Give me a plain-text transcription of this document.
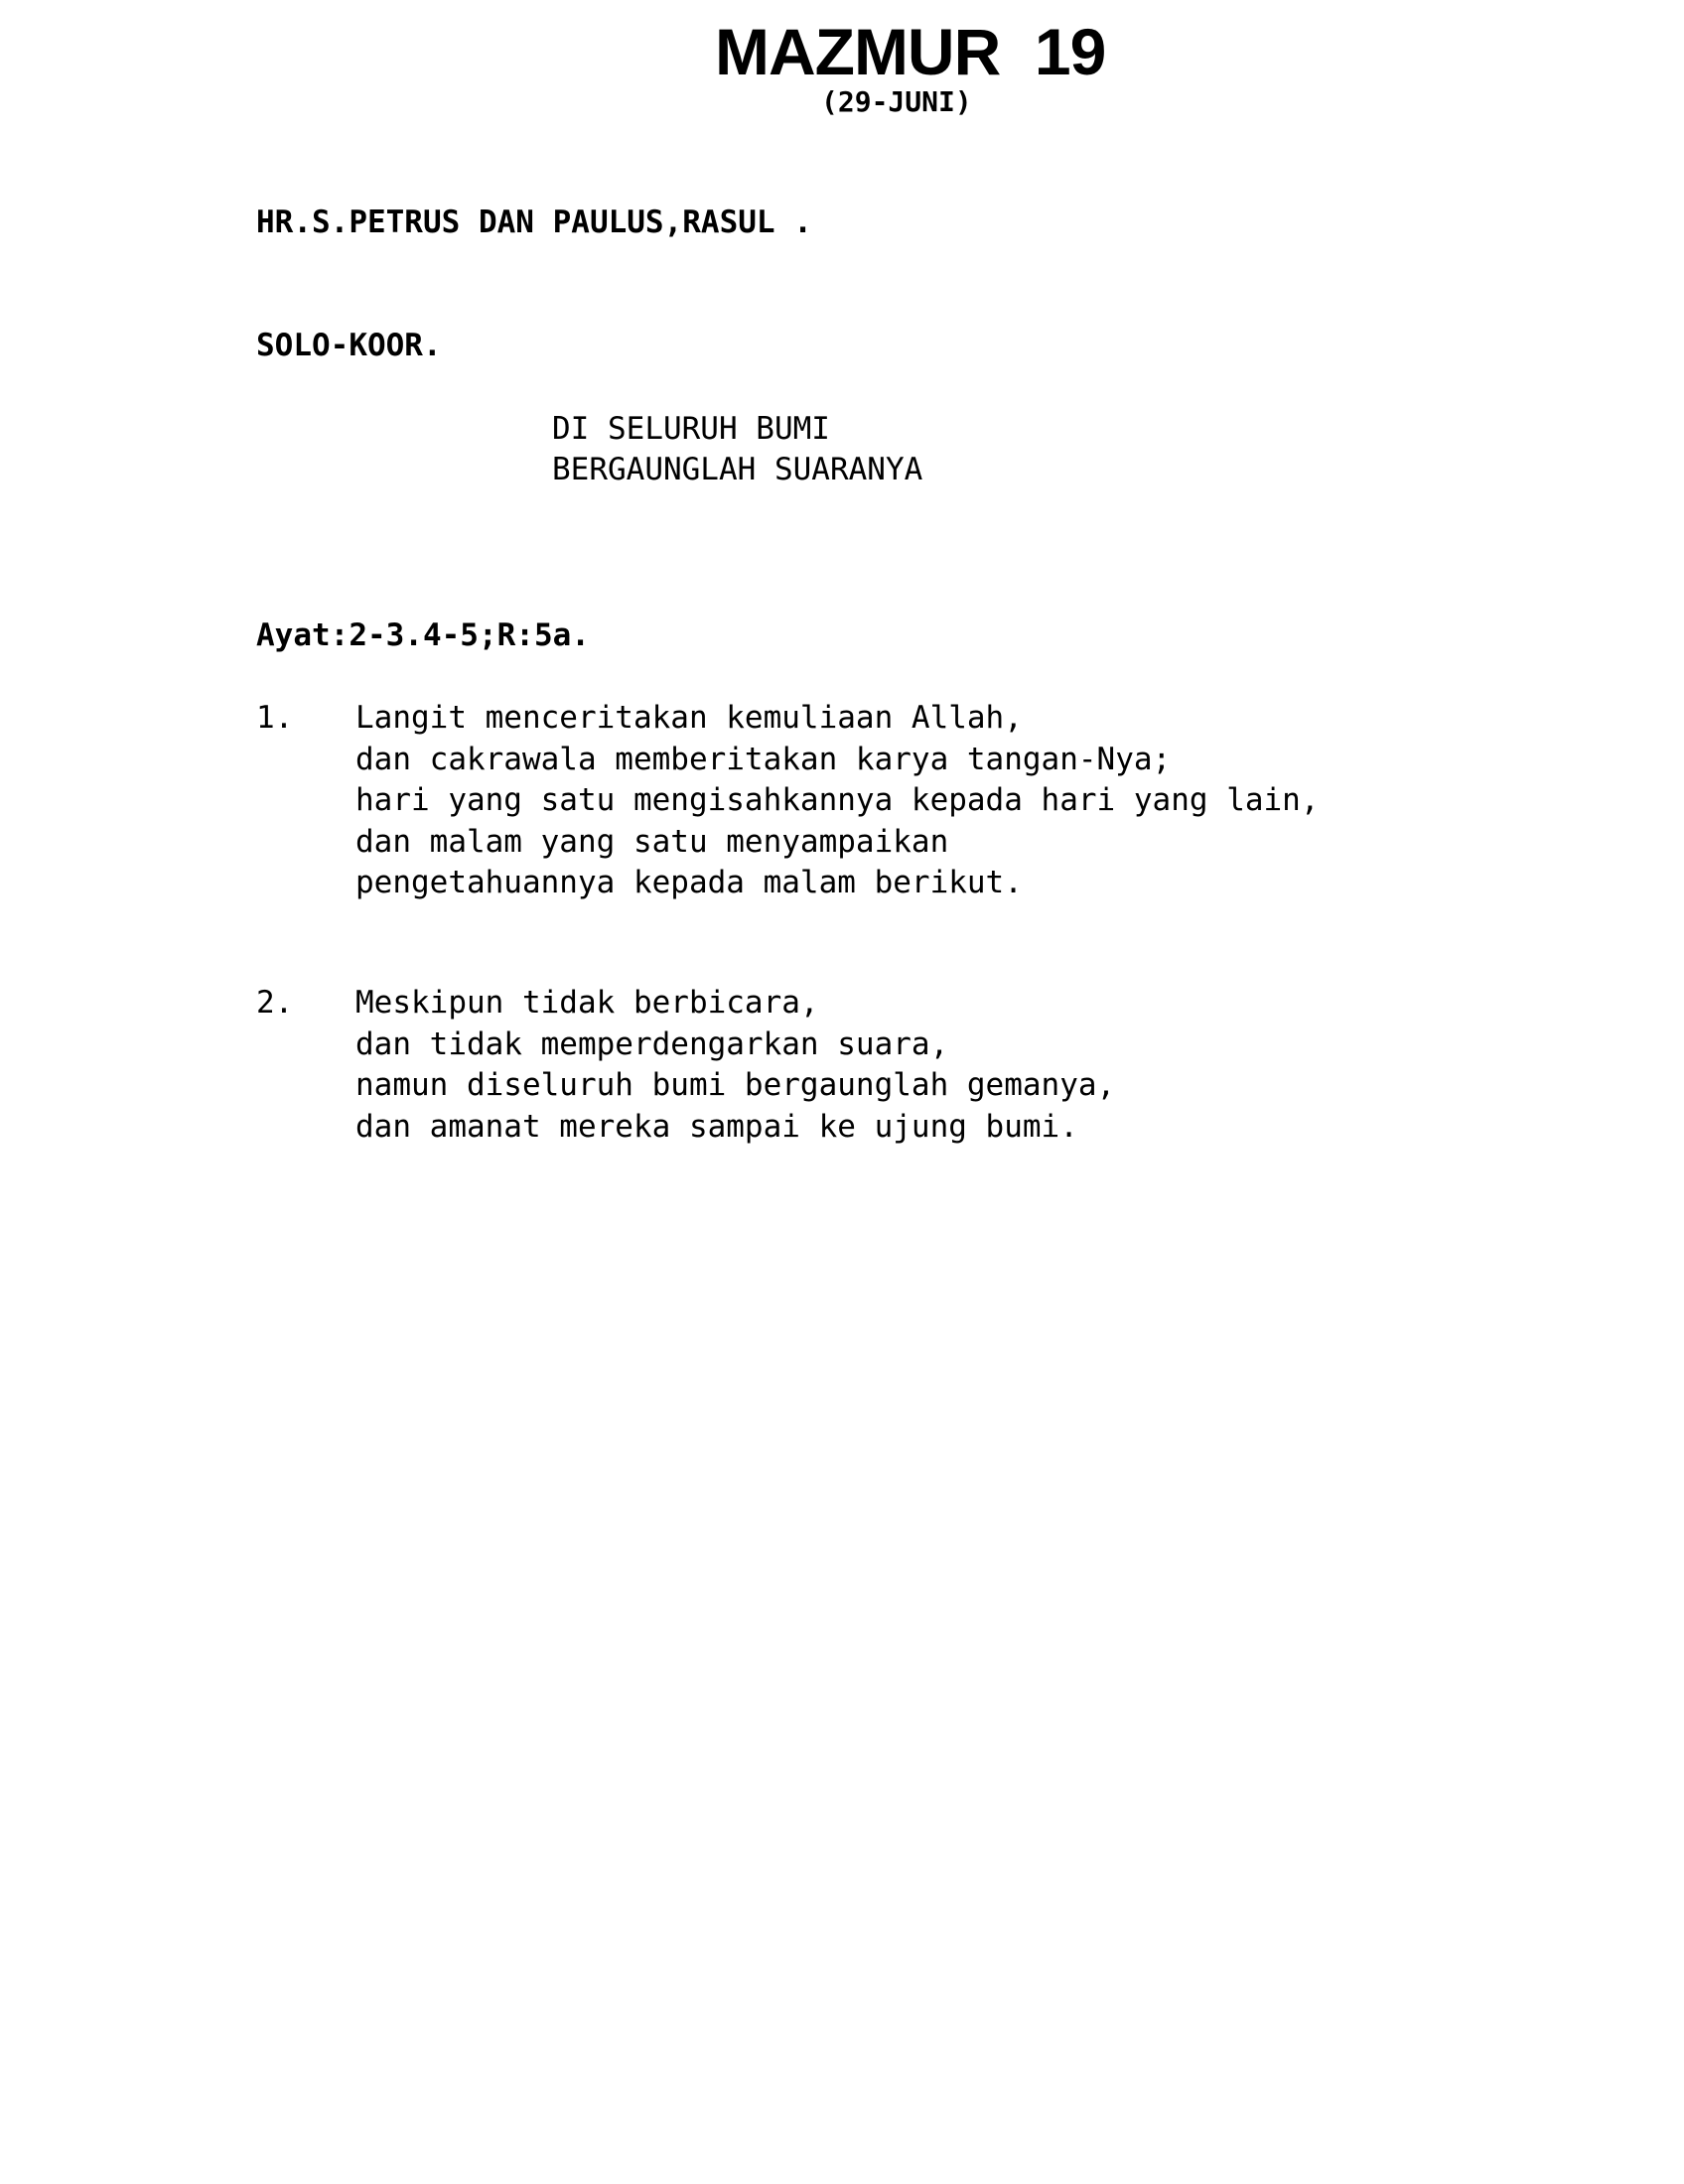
MAZMUR  19
(29-JUNI)
HR.S.PETRUS DAN PAULUS,RASUL .
SOLO-KOOR.
DI SELURUH BUMI
BERGAUNGLAH SUARANYA
Ayat:2-3.4-5;R:5a.
1.	Langit menceritakan kemuliaan Allah,
dan cakrawala memberitakan karya tangan-Nya;
hari yang satu mengisahkannya kepada hari yang lain,
dan malam yang satu menyampaikan
pengetahuannya kepada malam berikut.
2.	Meskipun tidak berbicara,
dan tidak memperdengarkan suara,
namun diseluruh bumi bergaunglah gemanya,
dan amanat mereka sampai ke ujung bumi.
